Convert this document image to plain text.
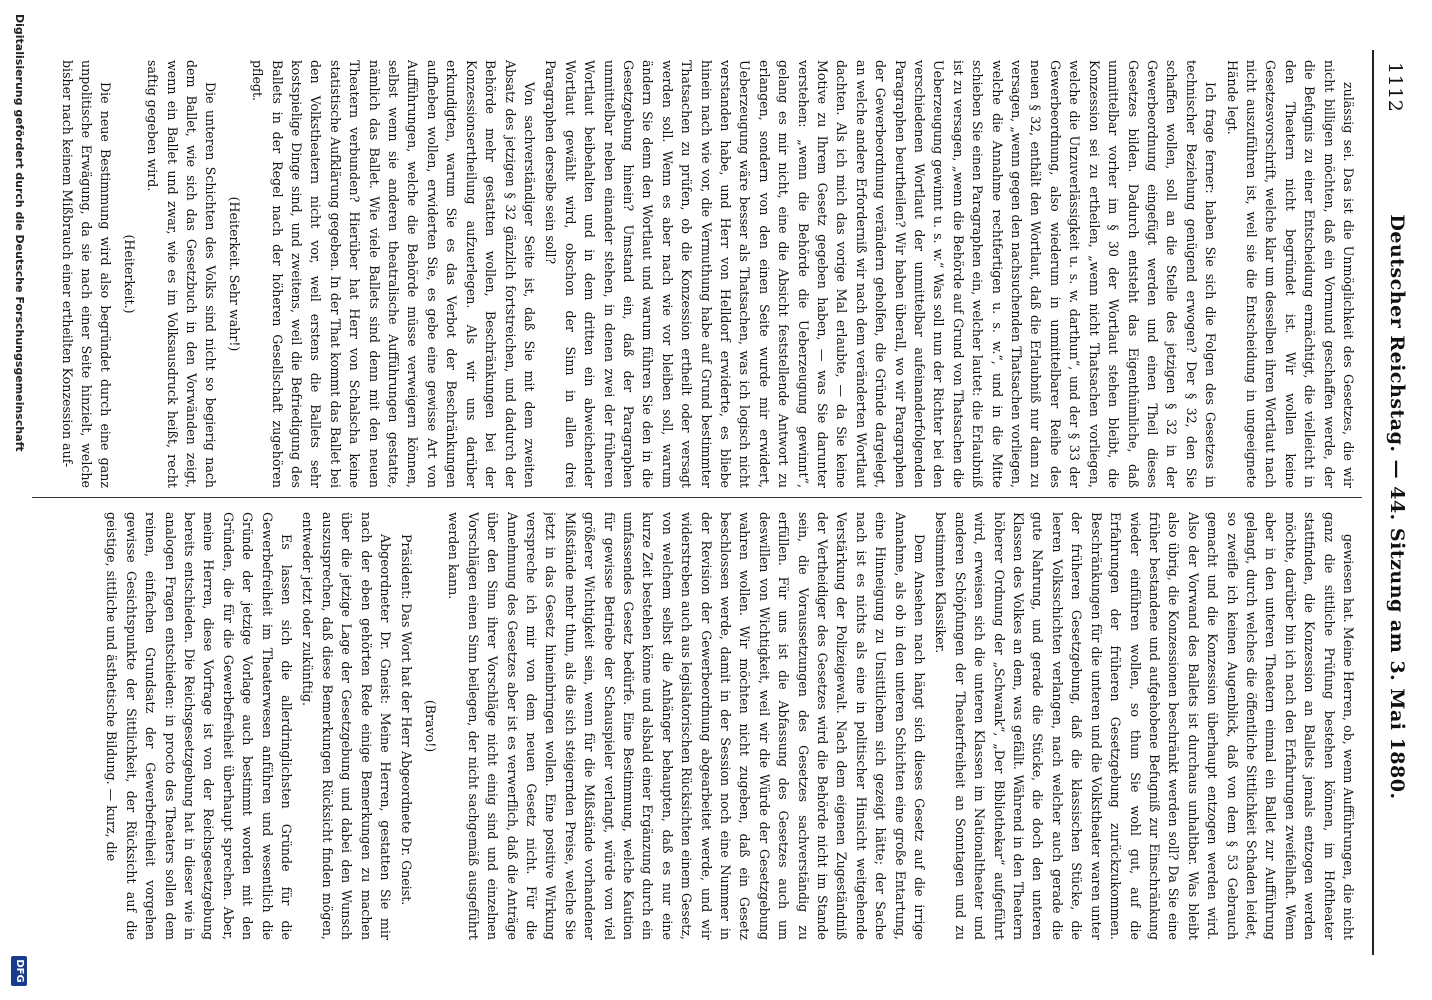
1112
Deutscher Reichstag. — 44. Sitzung am 3. Mai 1880.

zulässig sei. Das ist die Unmöglichkeit des Gesetzes, die wir nicht billigen möchten, daß ein Vormund geschaffen werde, der die Befugnis zu einer Entscheidung ermächtigt, die vielleicht in den Theatern nicht begründet ist. Wir wollen keine Gesetzesvorschrift, welche klar um desselben ihren Wortlaut nach nicht auszuführen ist, weil sie die Entscheidung in ungeeignete Hände legt.

Ich frage ferner: haben Sie sich die Folgen des Gesetzes in technischer Beziehung genügend erwogen? Der § 32, den Sie schaffen wollen, soll an die Stelle des jetzigen § 32 in der Gewerbeordnung eingefügt werden und einen Theil dieses Gesetzes bilden. Dadurch entsteht das Eigenthümliche, daß unmittelbar vorher im § 30 der Wortlaut stehen bleibt, die Konzession sei zu ertheilen, „wenn nicht Thatsachen vorliegen, welche die Unzuverlässigkeit u. s. w. darthun“, und der § 33 der Gewerbeordnung, also wiederum in unmittelbarer Reihe des neuen § 32, enthält den Wortlaut, daß die Erlaubniß nur dann zu versagen, „wenn gegen den nachsuchenden Thatsachen vorliegen, welche die Annahme rechtfertigen u. s. w.“, und in die Mitte schieben Sie einen Paragraphen ein, welcher lautet: die Erlaubniß ist zu versagen, „wenn die Behörde auf Grund von Thatsachen die Ueberzeugung gewinnt u. s. w.“ Was soll nun der Richter bei den verschiedenen Wortlaut der unmittelbar aufeinanderfolgenden Paragraphen beurtheilen? Wir haben überall, wo wir Paragraphen der Gewerbeordnung verändern geholfen, die Gründe dargelegt, an welche andere Erforderniß wir nach dem veränderten Wortlaut dachten. Als ich mich das vorige Mal erlaubte, — da Sie keine Motive zu Ihrem Gesetz gegeben haben, — was Sie darunter verstehen: „wenn die Behörde die Ueberzeugung gewinnt“, gelang es mir nicht, eine die Absicht feststellende Antwort zu erlangen, sondern von den einen Seite wurde mir erwidert, Ueberzeugung wäre besser als Thatsachen, was ich logisch nicht verstanden habe, und Herr von Helldorf erwiderte, es bliebe hinein nach wie vor, die Vermuthung habe auf Grund bestimmter Thatsachen zu prüfen, ob die Konzession ertheilt oder versagt werden soll. Wenn es aber nach wie vor bleiben soll, warum ändern Sie denn den Wortlaut und warum führen Sie den in die Gesetzgebung hinein? Umstand ein, daß der Paragraphen unmittelbar neben einander stehen, in denen zwei der früheren Wortlaut beibehalten und in dem dritten ein abweichender Wortlaut gewählt wird, obschon der Sinn in allen drei Paragraphen derselbe sein soll?

Von sachverständiger Seite ist, daß Sie mit dem zweiten Absatz des jetzigen § 32 gänzlich fortstreichen, und dadurch der Behörde mehr gestatten wollen, Beschränkungen bei der Konzessionsertheilung aufzuerlegen. Als wir uns darüber erkundigten, warum Sie es das Verbot der Beschränkungen aufheben wollen, erwiderten Sie, es gebe eine gewisse Art von Aufführungen, welche die Behörde müsse verweigern können, selbst wenn sie anderen theatralische Aufführungen gestatte, nämlich das Ballet. Wie viele Ballets sind denn mit den neuen Theatern verbunden? Hierüber hat Herr von Schalscha keine statistische Aufklärung gegeben. In der That kommt das Ballet bei den Volkstheatern nicht vor, weil erstens die Ballets sehr kostspielige Dinge sind, und zweitens, weil die Befriedigung des Ballets in der Regel nach der höheren Gesellschaft zugehören pflegt.

(Heiterkeit. Sehr wahr!)

Die unteren Schichten des Volks sind nicht so begierig nach dem Ballet, wie sich das Gesetzbuch in den Vorwänden zeigt, wenn ein Ballet und zwar, wie es im Volksausdruck heißt, recht saftig gegeben wird.

(Heiterkeit.)

Die neue Bestimmung wird also begründet durch eine ganz unpolitische Erwägung, da sie nach einer Seite hinzielt, welche bisher nach keinem Mißbrauch einer ertheilten Konzession auf-

gewiesen hat. Meine Herren, ob, wenn Aufführungen, die nicht ganz die sittliche Prüfung bestehen können, im Hoftheater stattfinden, die Konzession an Ballets jemals entzogen werden möchte, darüber bin ich nach den Erfahrungen zweifelhaft. Wenn aber in den unteren Theatern einmal ein Ballet zur Aufführung gelangt, durch welches die öffentliche Sittlichkeit Schaden leidet, so zweifle ich keinen Augenblick, daß von dem § 53 Gebrauch gemacht und die Konzession überhaupt entzogen werden wird. Also der Vorwand des Ballets ist durchaus unhaltbar. Was bleibt also übrig, die Konzessionen beschränkt werden soll? Da Sie eine früher bestandene und aufgehobene Befugniß zur Einschränkung wieder einführen wollen, so thun Sie wohl gut, auf die Erfahrungen der früheren Gesetzgebung zurückzukommen. Beschränkungen für die unteren und die Volkstheater waren unter der früheren Gesetzgebung, daß die klassischen Stücke, die leeren Volksschichten verlangen, nach welcher auch gerade die gute Nahrung, und gerade die Stücke, die doch den unteren Klassen des Volkes an dem, was gefällt. Während in den Theatern höherer Ordnung der „Schwank“, „Der Bibliothekar“ aufgeführt wird, erweisen sich die unteren Klassen im Nationaltheater und anderen Schöpfungen der Theaterfreiheit an Sonntagen und zu bestimmten Klassiker.

Dem Ansehen nach hängt sich dieses Gesetz auf die irrige Annahme, als ob in den unteren Schichten eine große Entartung, eine Hinneigung zu Unsittlichem sich gezeigt hätte; der Sache nach ist es nichts als eine in politischer Hinsicht weitgehende Verstärkung der Polizeigewalt. Nach dem eigenen Zugeständniß der Vertheidiger des Gesetzes wird die Behörde nicht im Stande sein, die Voraussetzungen des Gesetzes sachverständig zu erfüllen. Für uns ist die Abfassung des Gesetzes auch um deswillen von Wichtigkeit, weil wir die Würde der Gesetzgebung wahren wollen. Wir möchten nicht zugeben, daß ein Gesetz beschlossen werde, damit in der Session noch eine Nummer in der Revision der Gewerbeordnung abgearbeitet werde, und wir widerstreben auch aus legislatorischen Rücksichten einem Gesetz, von welchem selbst die Anhänger behaupten, daß es nur eine kurze Zeit bestehen könne und alsbald einer Ergänzung durch ein umfassendes Gesetz bedürfe. Eine Bestimmung, welche Kaution für gewisse Betriebe der Schauspieler verlangt, würde von viel größerer Wichtigkeit sein, wenn für die Mißstände vorhandener Mißstände mehr thun, als die sich steigernden Preise, welche Sie jetzt in das Gesetz hineinbringen wollen. Eine positive Wirkung verspreche ich mir von dem neuen Gesetz nicht. Für die Annehmung des Gesetzes aber ist es verwerflich, daß die Anträge über den Sinn ihrer Vorschläge nicht einig sind und einzelnen Vorschlägen einen Sinn beilegen, der nicht sachgemäß ausgeführt werden kann.

(Bravo!)

Präsident: Das Wort hat der Herr Abgeordnete Dr. Gneist.

Abgeordneter Dr. Gneist: Meine Herren, gestatten Sie mir nach der eben gehörten Rede einige Bemerkungen zu machen über die jetzige Lage der Gesetzgebung und dabei den Wunsch auszusprechen, daß diese Bemerkungen Rücksicht finden mögen, entweder jetzt oder zukünftig.

Es lassen sich die allerdringlichsten Gründe für die Gewerbefreiheit im Theaterwesen anführen und wesentlich die Gründe der jetzige Vorlage auch bestimmt worden mit den Gründen, die für die Gewerbefreiheit überhaupt sprechen. Aber, meine Herren, diese Vorfrage ist von der Reichsgesetzgebung bereits entschieden. Die Reichsgesetzgebung hat in dieser wie in analogen Fragen entschieden: in procto des Theaters sollen dem reinen, einfachen Grundsatz der Gewerbefreiheit vorgehen gewisse Gesichtspunkte der Sittlichkeit, der Rücksicht auf die geistige, sittliche und ästhetische Bildung. — kurz, die

Digitalisierung gefördert durch die Deutsche Forschungsgemeinschaft
DFG
